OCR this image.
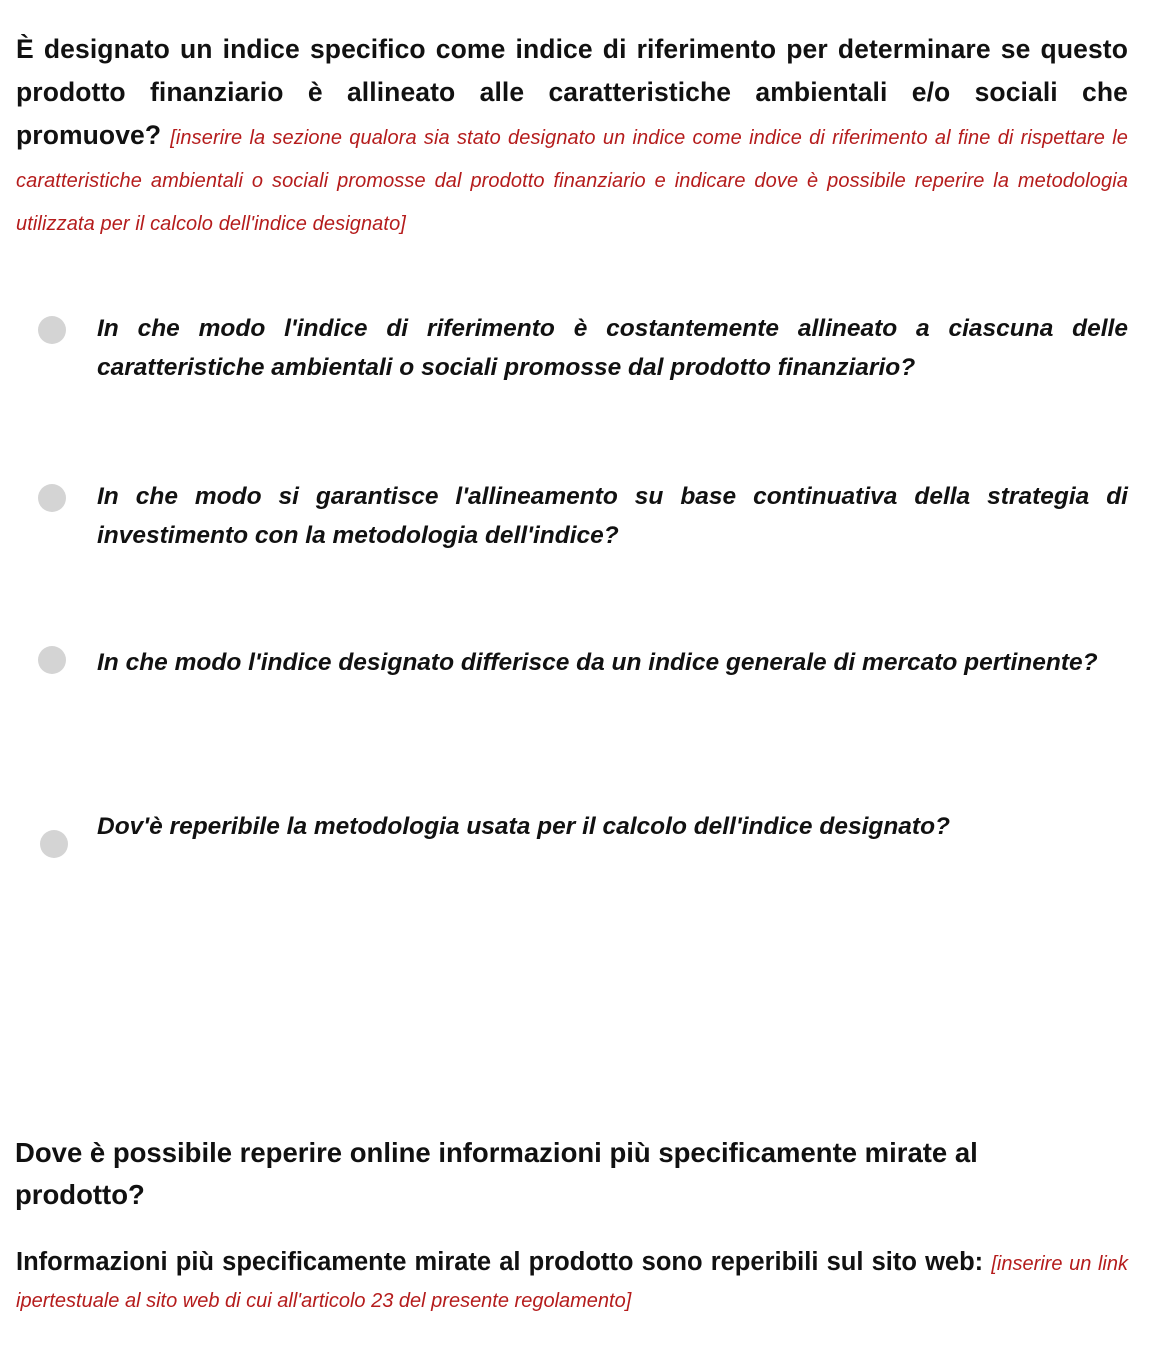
È designato un indice specifico come indice di riferimento per determinare se questo prodotto finanziario è allineato alle caratteristiche ambientali e/o sociali che promuove? [inserire la sezione qualora sia stato designato un indice come indice di riferimento al fine di rispettare le caratteristiche ambientali o sociali promosse dal prodotto finanziario e indicare dove è possibile reperire la metodologia utilizzata per il calcolo dell'indice designato]
In che modo l'indice di riferimento è costantemente allineato a ciascuna delle caratteristiche ambientali o sociali promosse dal prodotto finanziario?
In che modo si garantisce l'allineamento su base continuativa della strategia di investimento con la metodologia dell'indice?
In che modo l'indice designato differisce da un indice generale di mercato pertinente?
Dov'è reperibile la metodologia usata per il calcolo dell'indice designato?
Dove è possibile reperire online informazioni più specificamente mirate al prodotto?
Informazioni più specificamente mirate al prodotto sono reperibili sul sito web: [inserire un link ipertestuale al sito web di cui all'articolo 23 del presente regolamento]
